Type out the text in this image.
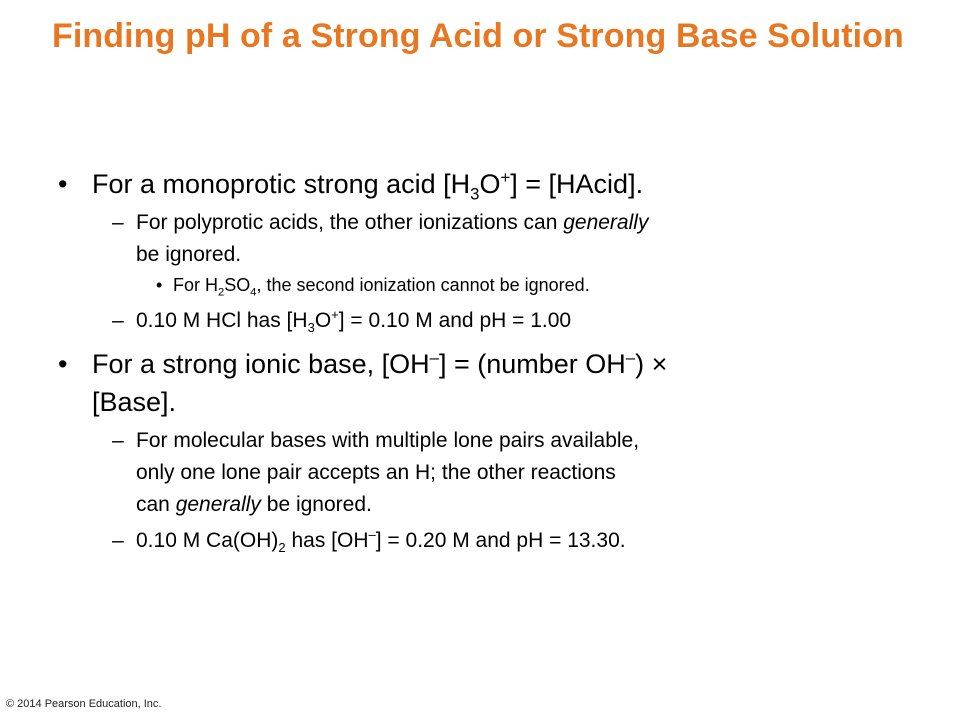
Finding pH of a Strong Acid or Strong Base Solution
• For a monoprotic strong acid $[H_3O^+]$ = [HAcid].
– For polyprotic acids, the other ionizations can generally
be ignored.
• For $H_2SO_4$, the second ionization cannot be ignored.
– 0.10 M HCl has $[H_3O^+] = 0.10$ M and pH = 1.00
• For a strong ionic base, [OH–] = (number OH–) ×
[Base].
– For molecular bases with multiple lone pairs available,
only one lone pair accepts an H; the other reactions
can generally be ignored.
– 0.10 M $Ca(OH)_2$ has [OH–] = 0.20 M and pH = 13.30.
© 2014 Pearson Education, Inc.
